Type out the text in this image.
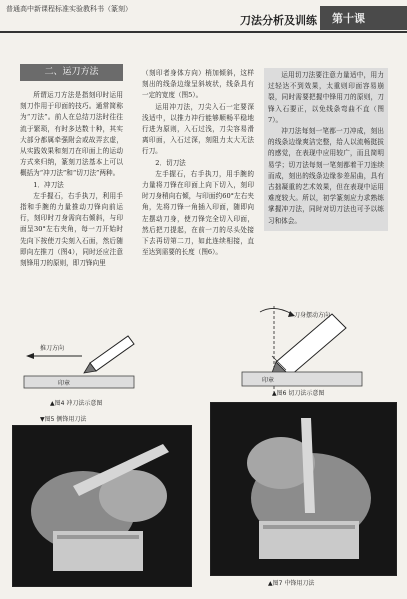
普通高中新课程标准实验教科书（篆刻）
刀法分析及训练 第十课
二、运刀方法

所谓运刀方法是指刻印时运用刻刀作用于印面的技巧。通常简称为“刀法”。前人在总结刀法时往往流于繁琐，有时多达数十种，其实大部分都属牵强附会或故弄玄虚，从实践效果和刻刀在印面上的运动方式来归纳，篆刻刀法基本上可以概括为“冲刀法”和“切刀法”两种。

1．冲刀法

左手握石，右手执刀，利用手指和手腕的力量推动刀锋向前运行，刻印时刀身需向右倾斜，与印面呈30°左右夹角，每一刀开始时先向下按使刀尖刻入石面，然后随即向左推刀（图4），同时还应注意刻锋用刀的原则，即刀锋向里

（刻印者身体方向）梢加倾斜，这样刻出的线条边缘呈斜坡状，线条具有一定的宽度（图5）。

运用冲刀法，刀尖入石一定要深浅适中，以推力冲行能够顺畅平稳地行进为原则，入石过浅，刀尖容易滑离印面，入石过深，刻阻力太大无法行刀。

2．切刀法

左手握石，右手执刀，用手腕的力量将刀锋在印面上向下切入，刻印时刀身稍向右倾，与印面约60°左右夹角，先将刀锋一角插入印面，随即向左摆动刀身，使刀锋完全切入印面，然后把刀提起，在前一刀的尽头处接下去再切第二刀，如此连续相接，直至达到需要的长度（图6）。

运用切刀法要注意力量适中，用力过轻达不到效果，太重则印面容易崩裂，同时需要把握中锋用刀的原则，刀锋入石要正，以免线条弯曲不直（图7）。

冲刀法每刻一笔都一刀冲成，刻出的线条边缘爽洁完整，给人以流畅挺拔的感觉，在表现中应用较广，而且简明易学；切刀法每刻一笔刻都着干刀连续而成，刻出的线条边缘参差屈曲，具有古拙凝重的艺术效果，但在表现中运用难度较大。所以，初学篆刻应力求熟练掌握冲刀法，同时对切刀法也可予以练习和体会。

推刀方向
印章
▲图4 冲刀法示意图
刀身摆动方向
印章
▲图6 切刀法示意图
▼图5 侧锋用刀法
▲图7 中锋用刀法
